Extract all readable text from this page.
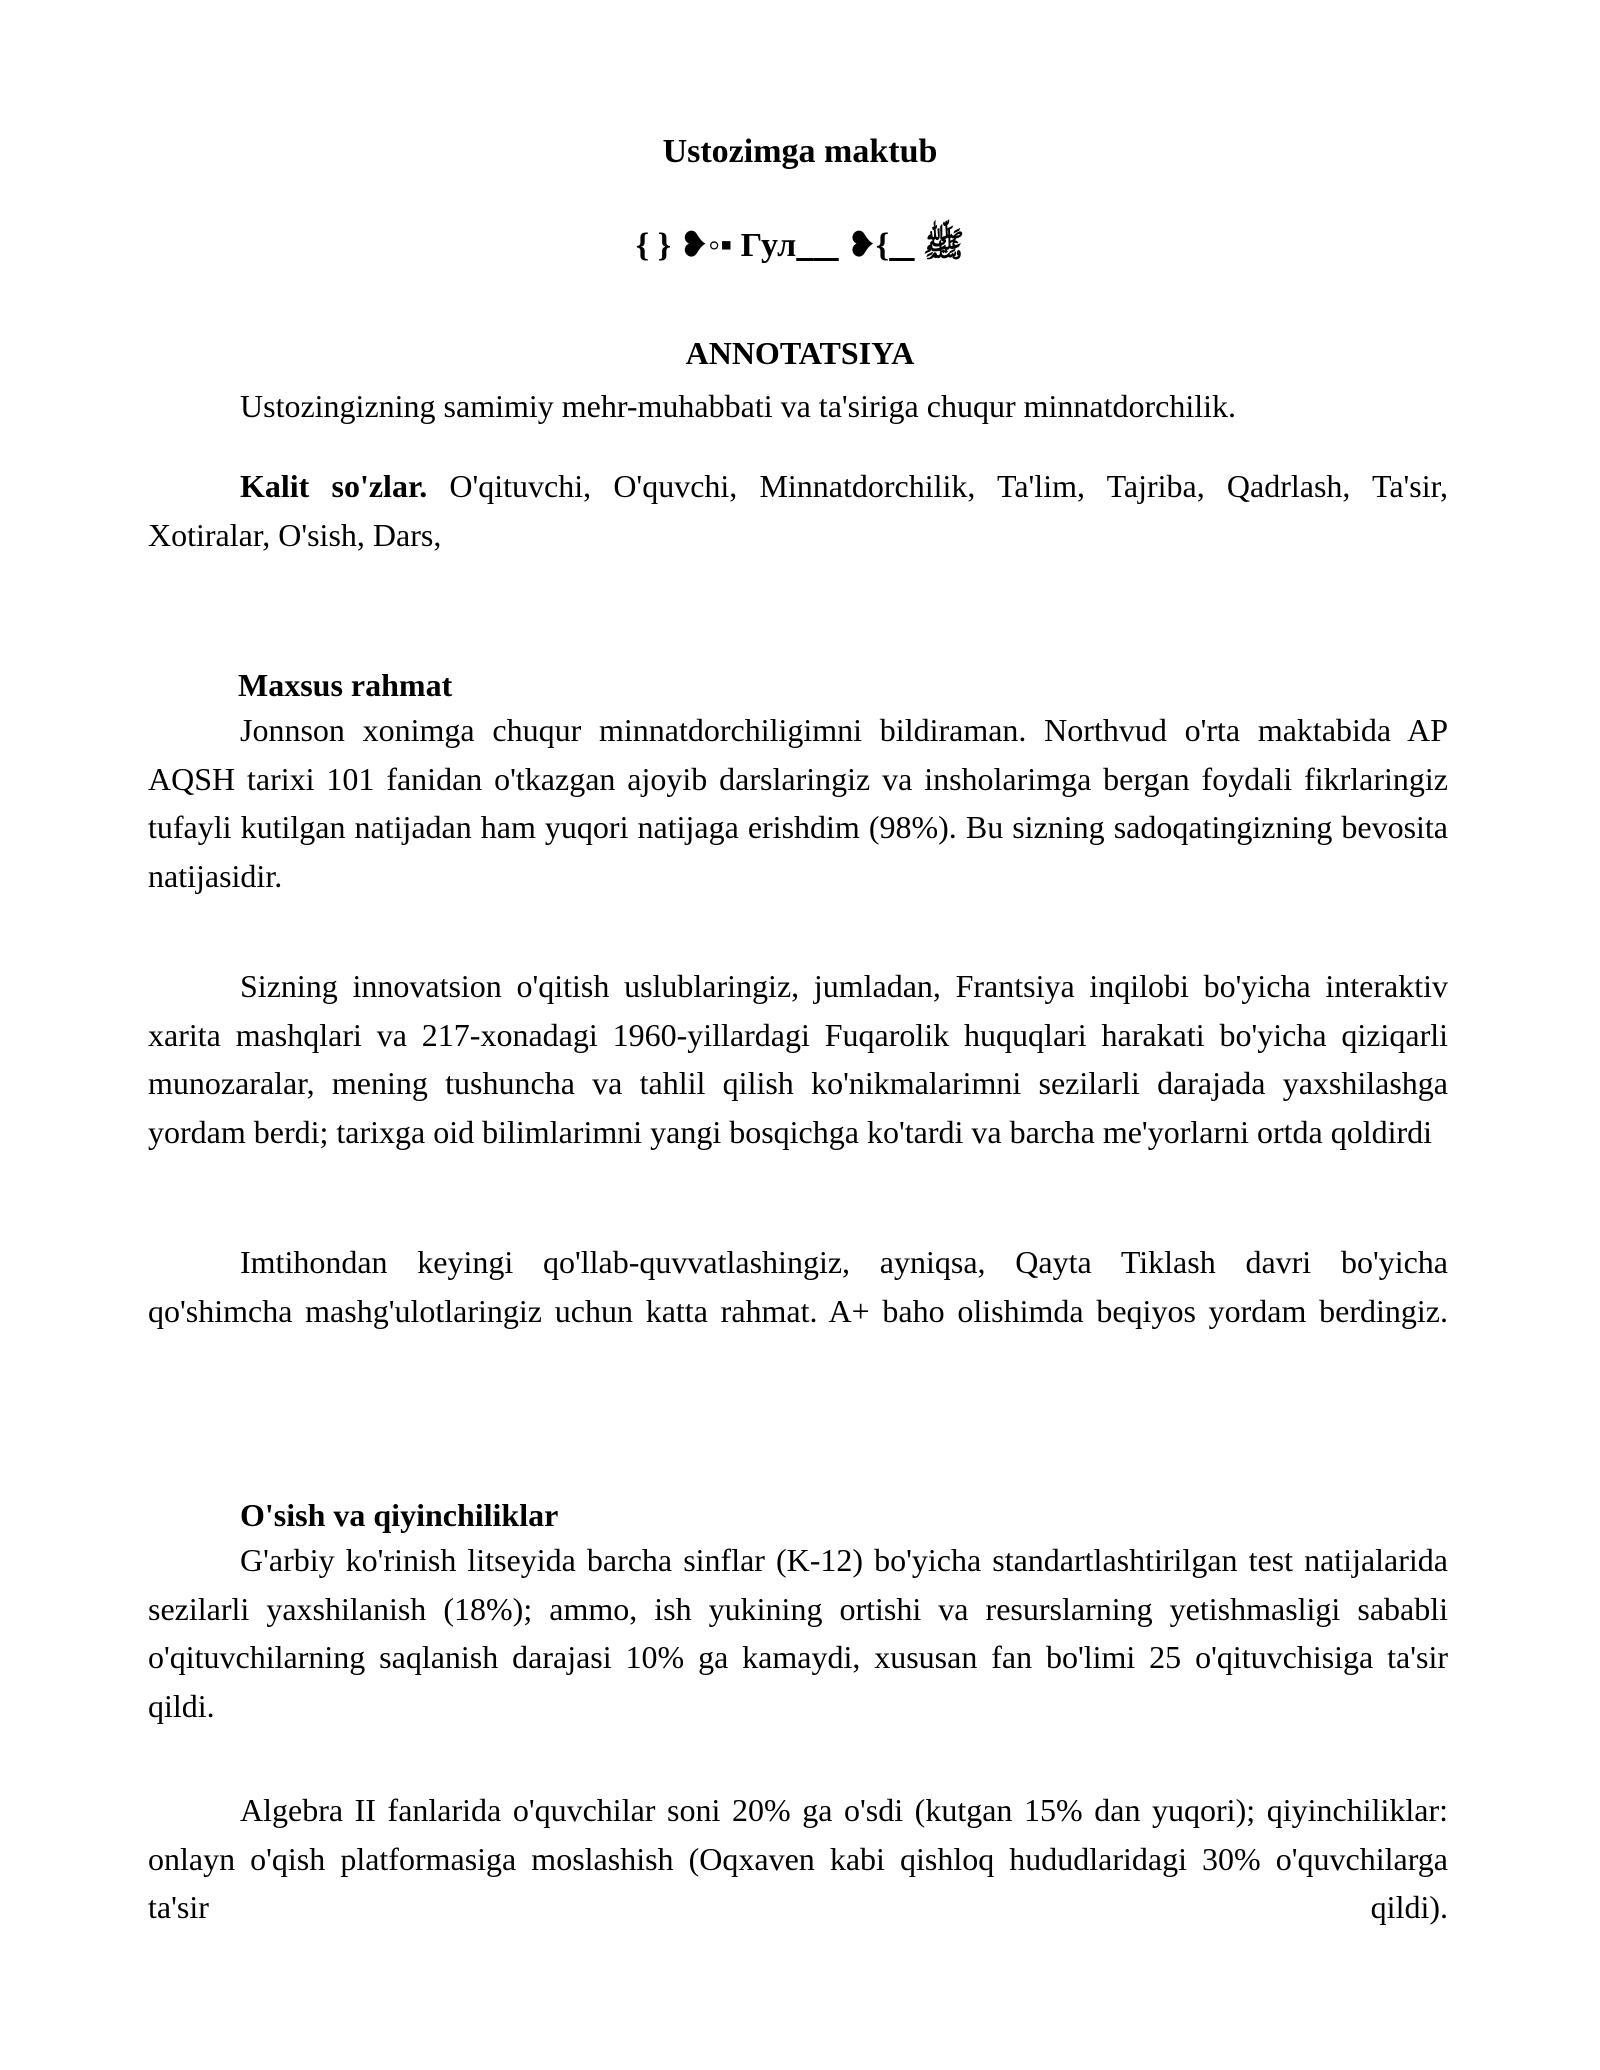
Ustozimga maktub
{ }͏ ❥◦▪ Гул      ❥{    ﷺ
ANNOTATSIYA
Ustozingizning samimiy mehr-muhabbati va ta'siriga chuqur minnatdorchilik.
Kalit so'zlar. O'qituvchi, O'quvchi, Minnatdorchilik, Ta'lim, Tajriba, Qadrlash, Ta'sir, Xotiralar, O'sish, Dars,
Maxsus rahmat
Jonnson xonimga chuqur minnatdorchiligimni bildiraman. Northvud o'rta maktabida AP AQSH tarixi 101 fanidan o'tkazgan ajoyib darslaringiz va insholarimga bergan foydali fikrlaringiz tufayli kutilgan natijadan ham yuqori natijaga erishdim (98%). Bu sizning sadoqatingizning bevosita natijasidir.
Sizning innovatsion o'qitish uslublaringiz, jumladan, Frantsiya inqilobi bo'yicha interaktiv xarita mashqlari va 217-xonadagi 1960-yillardagi Fuqarolik huquqlari harakati bo'yicha qiziqarli munozaralar, mening tushuncha va tahlil qilish ko'nikmalarimni sezilarli darajada yaxshilashga yordam berdi; tarixga oid bilimlarimni yangi bosqichga ko'tardi va barcha me'yorlarni ortda qoldirdi
Imtihondan keyingi qo'llab-quvvatlashingiz, ayniqsa, Qayta Tiklash davri bo'yicha qo'shimcha mashg'ulotlaringiz uchun katta rahmat. A+ baho olishimda beqiyos yordam berdingiz.
O'sish va qiyinchiliklar
G'arbiy ko'rinish litseyida barcha sinflar (K-12) bo'yicha standartlashtirilgan test natijalarida sezilarli yaxshilanish (18%); ammo, ish yukining ortishi va resurslarning yetishmasligi sababli o'qituvchilarning saqlanish darajasi 10% ga kamaydi, xususan fan bo'limi 25 o'qituvchisiga ta'sir qildi.
Algebra II fanlarida o'quvchilar soni 20% ga o'sdi (kutgan 15% dan yuqori); qiyinchiliklar: onlayn o'qish platformasiga moslashish (Oqxaven kabi qishloq hududlaridagi 30% o'quvchilarga ta'sir qildi).
